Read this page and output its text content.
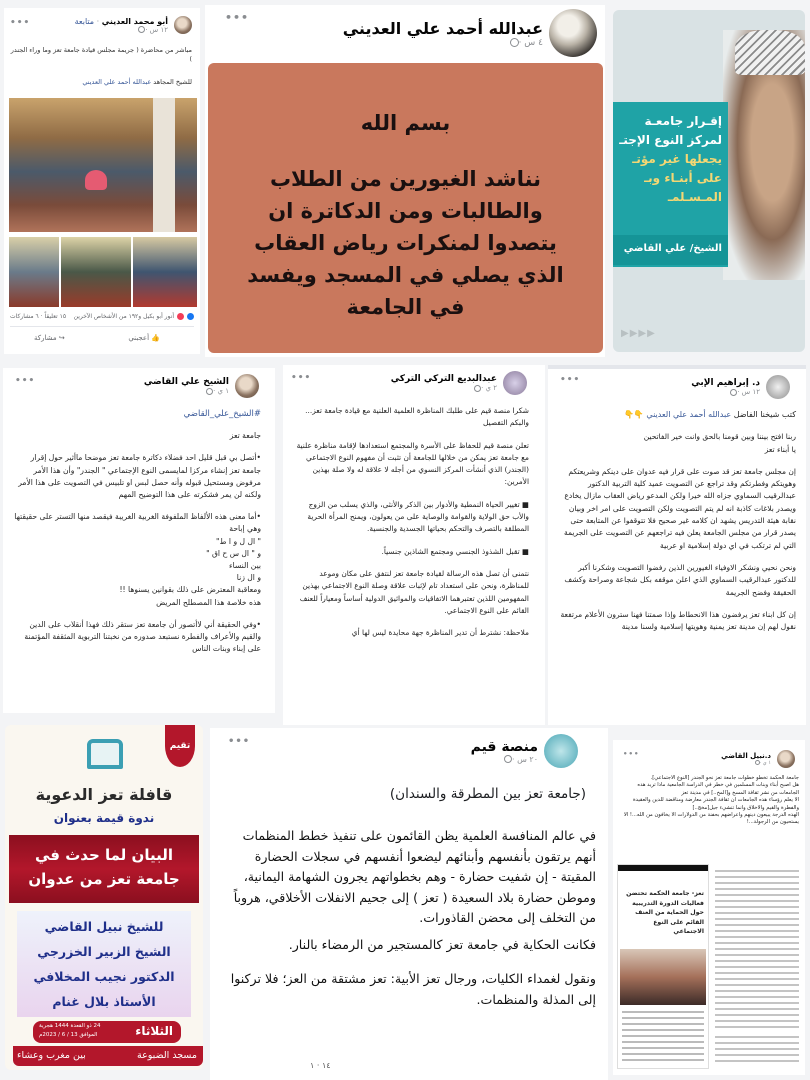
•••	أبو محمد العديني · متابعة
١٢ س ·

مباشر من محاضرة ( جريمة مجلس قيادة جامعة تعز وما وراء الجندر )

للشيخ المجاهد عبدالله أحمد علي العديني

أنور أبو بكيل و١٩٢ من الأشخاص الآخرين
١٥ تعليقاً · ٦ مشاركات
👍 أعجبني
↪ مشاركة
•••
عبدالله أحمد علي العديني
٤ س ·
بسم الله
نناشد الغيورين من الطلاب
والطالبات ومن الدكاترة ان
يتصدوا لمنكرات رياض العقاب
الذي يصلي في المسجد ويفسد
في الجامعة
إقـرار جامعـة
لمركز النوع الإجتـ
يجعلها غير مؤتـ
على أبنـاء وبـ
المـسـلمـ
الشيخ/ علي القاضي
▶▶▶▶
•••	الشيخ علي القاضي
١ ي ·

#الشيخ_علي_القاضي

جامعة تعز

•أتصل بي قبل قليل احد فضلاء دكاترة جامعة تعز موضحا ماأثير حول إقرار جامعة تعز إنشاء مركزا لمايسمى النوع الإجتماعي " الجندر" وأن هذا الأمر مرفوض ومستحيل قبوله وأنه حصل لبس او تلبيس في التصويت على هذا الأمر ولكنه لن يمر فشكرته على هذا التوضيح المهم

•أما معنى هذه الألفاظ الملفوفة الغربية الغريبة فيقصد منها التستر على حقيقتها وهي إباحة
" ال ل و ا ط"
و " ال س ح اق "
بين النساء
و ال زنا
ومعاقبة المعترض على ذلك بقوانين يسنوها !!
هذه خلاصة هذا المصطلح المريض

•وفي الحقيقة أني لاأتصور أن جامعة تعز ستقر ذلك فهذا أنقلاب على الدين والقيم والأعراف والفطرة نستبعد صدوره من نخبتنا التربوية المثقفة المؤتمنة على إبناء وبنات الناس

•••	عبدالبديع التركي التركي
٢ ي ·

شكرا منصة قيم على طلبك المناظرة العلمية العلنية مع قيادة جامعة تعز... والبكم التفصيل

تعلن منصة قيم للحفاظ على الأسرة والمجتمع استعدادها لإقامة مناظرة علنية مع جامعة تعز يمكن من خلالها للجامعة أن تثبت أن مفهوم النوع الاجتماعي (الجندر) الذي أنشأت المركز النسوي من أجله لا علاقة له ولا صلة بهذين الأمرين:

■ تغيير الحياة النمطية والأدوار بين الذكر والأنثى، والذي يسلب من الزوج والأب حق الولاية والقوامة والوصاية على من يعولون، ويمنح المرأة الحرية المطلقة بالتصرف والتحكم بحياتها الجسدية والجنسية.

■ تقبل الشذوذ الجنسي ومجتمع الشاذين جنسياً.

نتمنى أن تصل هذه الرسالة لقيادة جامعة تعز لنتفق على مكان وموعد للمناظرة، ونحن على استعداد تام لإثبات علاقة وصلة النوع الاجتماعي بهذين المفهومين اللذين تعتبرهما الاتفاقيات والمواثيق الدولية أساساً ومعياراً للعنف القائم على النوع الاجتماعي.

ملاحظة: نشترط أن تدير المناظرة جهة محايدة ليس لها أي

•••	د. إبراهيم الإبي
١٢ س ·

كتب شيخنا الفاضل عبدالله أحمد علي العديني 👇👇

ربنا افتح بيننا وبين قومنا بالحق وانت خير الفاتحين
يا أبناء تعز

إن مجلس جامعة تعز قد صوت على قرار فيه عدوان على دينكم وشريعتكم وهويتكم وفطرتكم وقد تراجع عن التصويت عميد كلية التربية الدكتور عبدالرقيب السماوي جزاه الله خيرا ولكن المدعو رياض العقاب مازال يخادع ويصدر بلاغات كاذبة انه لم يتم التصويت ولكن التصويت على امر اخر وبيان نقابة هيئة التدريس يشهد ان كلامه غير صحيح فلا تتوقفوا عن المتابعة حتى يصدر قرار من مجلس الجامعة يعلن فيه تراجعهم عن التصويت على الجريمة التي لم ترتكب في اي دولة إسلامية او عربية

ونحن نحيي ونشكر الاوفياء الغيورين الذين رفضوا التصويت وشكرنا أكبر للدكتور عبدالرقيب السماوي الذي اعلن موقفه بكل شجاعة وصراحة وكشف الحقيقة وفضح الجريمة

إن كل ابناء تعز يرفضون هذا الانحطاط وإذا صمتنا فهنا سترون الأعلام مرتفعة
نقول لهم إن مدينة تعز يمنية وهويتها إسلامية ولسنا مدينة

تقيم
قافلة تعز الدعوية
ندوة قيمة بعنوان
البيان لما حدث في
جامعة تعز من عدوان
للشيخ نبيل القاضي
الشيخ الزبير الخزرجي
الدكتور نجيب المخلافي
الأستاذ بلال غنام
الثلاثاء
24 ذو القعدة 1444 هجرية
الموافق 13 / 6 / 2023م
مسجد الضبوعة
بين مغرب وعشاء
•••	منصة قيم
٢٠ س ·

(جامعة تعز بين المطرقة والسندان)

في عالم المنافسة العلمية يظن القائمون على تنفيذ خطط المنظمات أنهم يرتقون بأنفسهم وأبنائهم ليضعوا أنفسهم في سجلات الحضارة المقيتة - إن شفيت حضارة - وهم بخطواتهم يجرون الشهامة اليمانية، وموطن حضارة بلاد السعيدة ( تعز ) إلى جحيم الانفلات الأخلاقي، هروباً من التخلف إلى محضن القاذورات.

فكانت الحكاية في جامعة تعز كالمستجير من الرمضاء بالنار.

ونقول لغمداء الكليات، ورجال تعز الأبية: تعز مشتقة من العز؛ فلا تركنوا إلى المذلة والمنظمات.

١٤ · ١
•••	د.نبيل القاضي
١ ي ·

جامعة الحكمة تخطو خطوات جامعة تعز نحو الجندر [النوع الاجتماعي].

هل اصبح أبناء وبنات المسلمين في خطر في الدراسة الجامعية ماذا تريد هذه الجامعات من نشر ثقافة المسخ و[المخ..] في مدينة تعز

الا يعلم رؤساء هذه الجامعات ان ثقافة الجندر معارضة ومناقضة للدين والعقيدة والفطرة والقيم والاخلاق وانما تنشيء جيل[مخج..]

الهذه الدرجة يبيعون دينهم واعراضهم بحفنة من الدولارات الا يخافون من الله...! الا يستحيون من الرجولة...!

تعز- جامعة الحكمة تحتضن فعاليات الدورة التدريبية حول الحماية من العنف القائم على النوع الاجتماعي
